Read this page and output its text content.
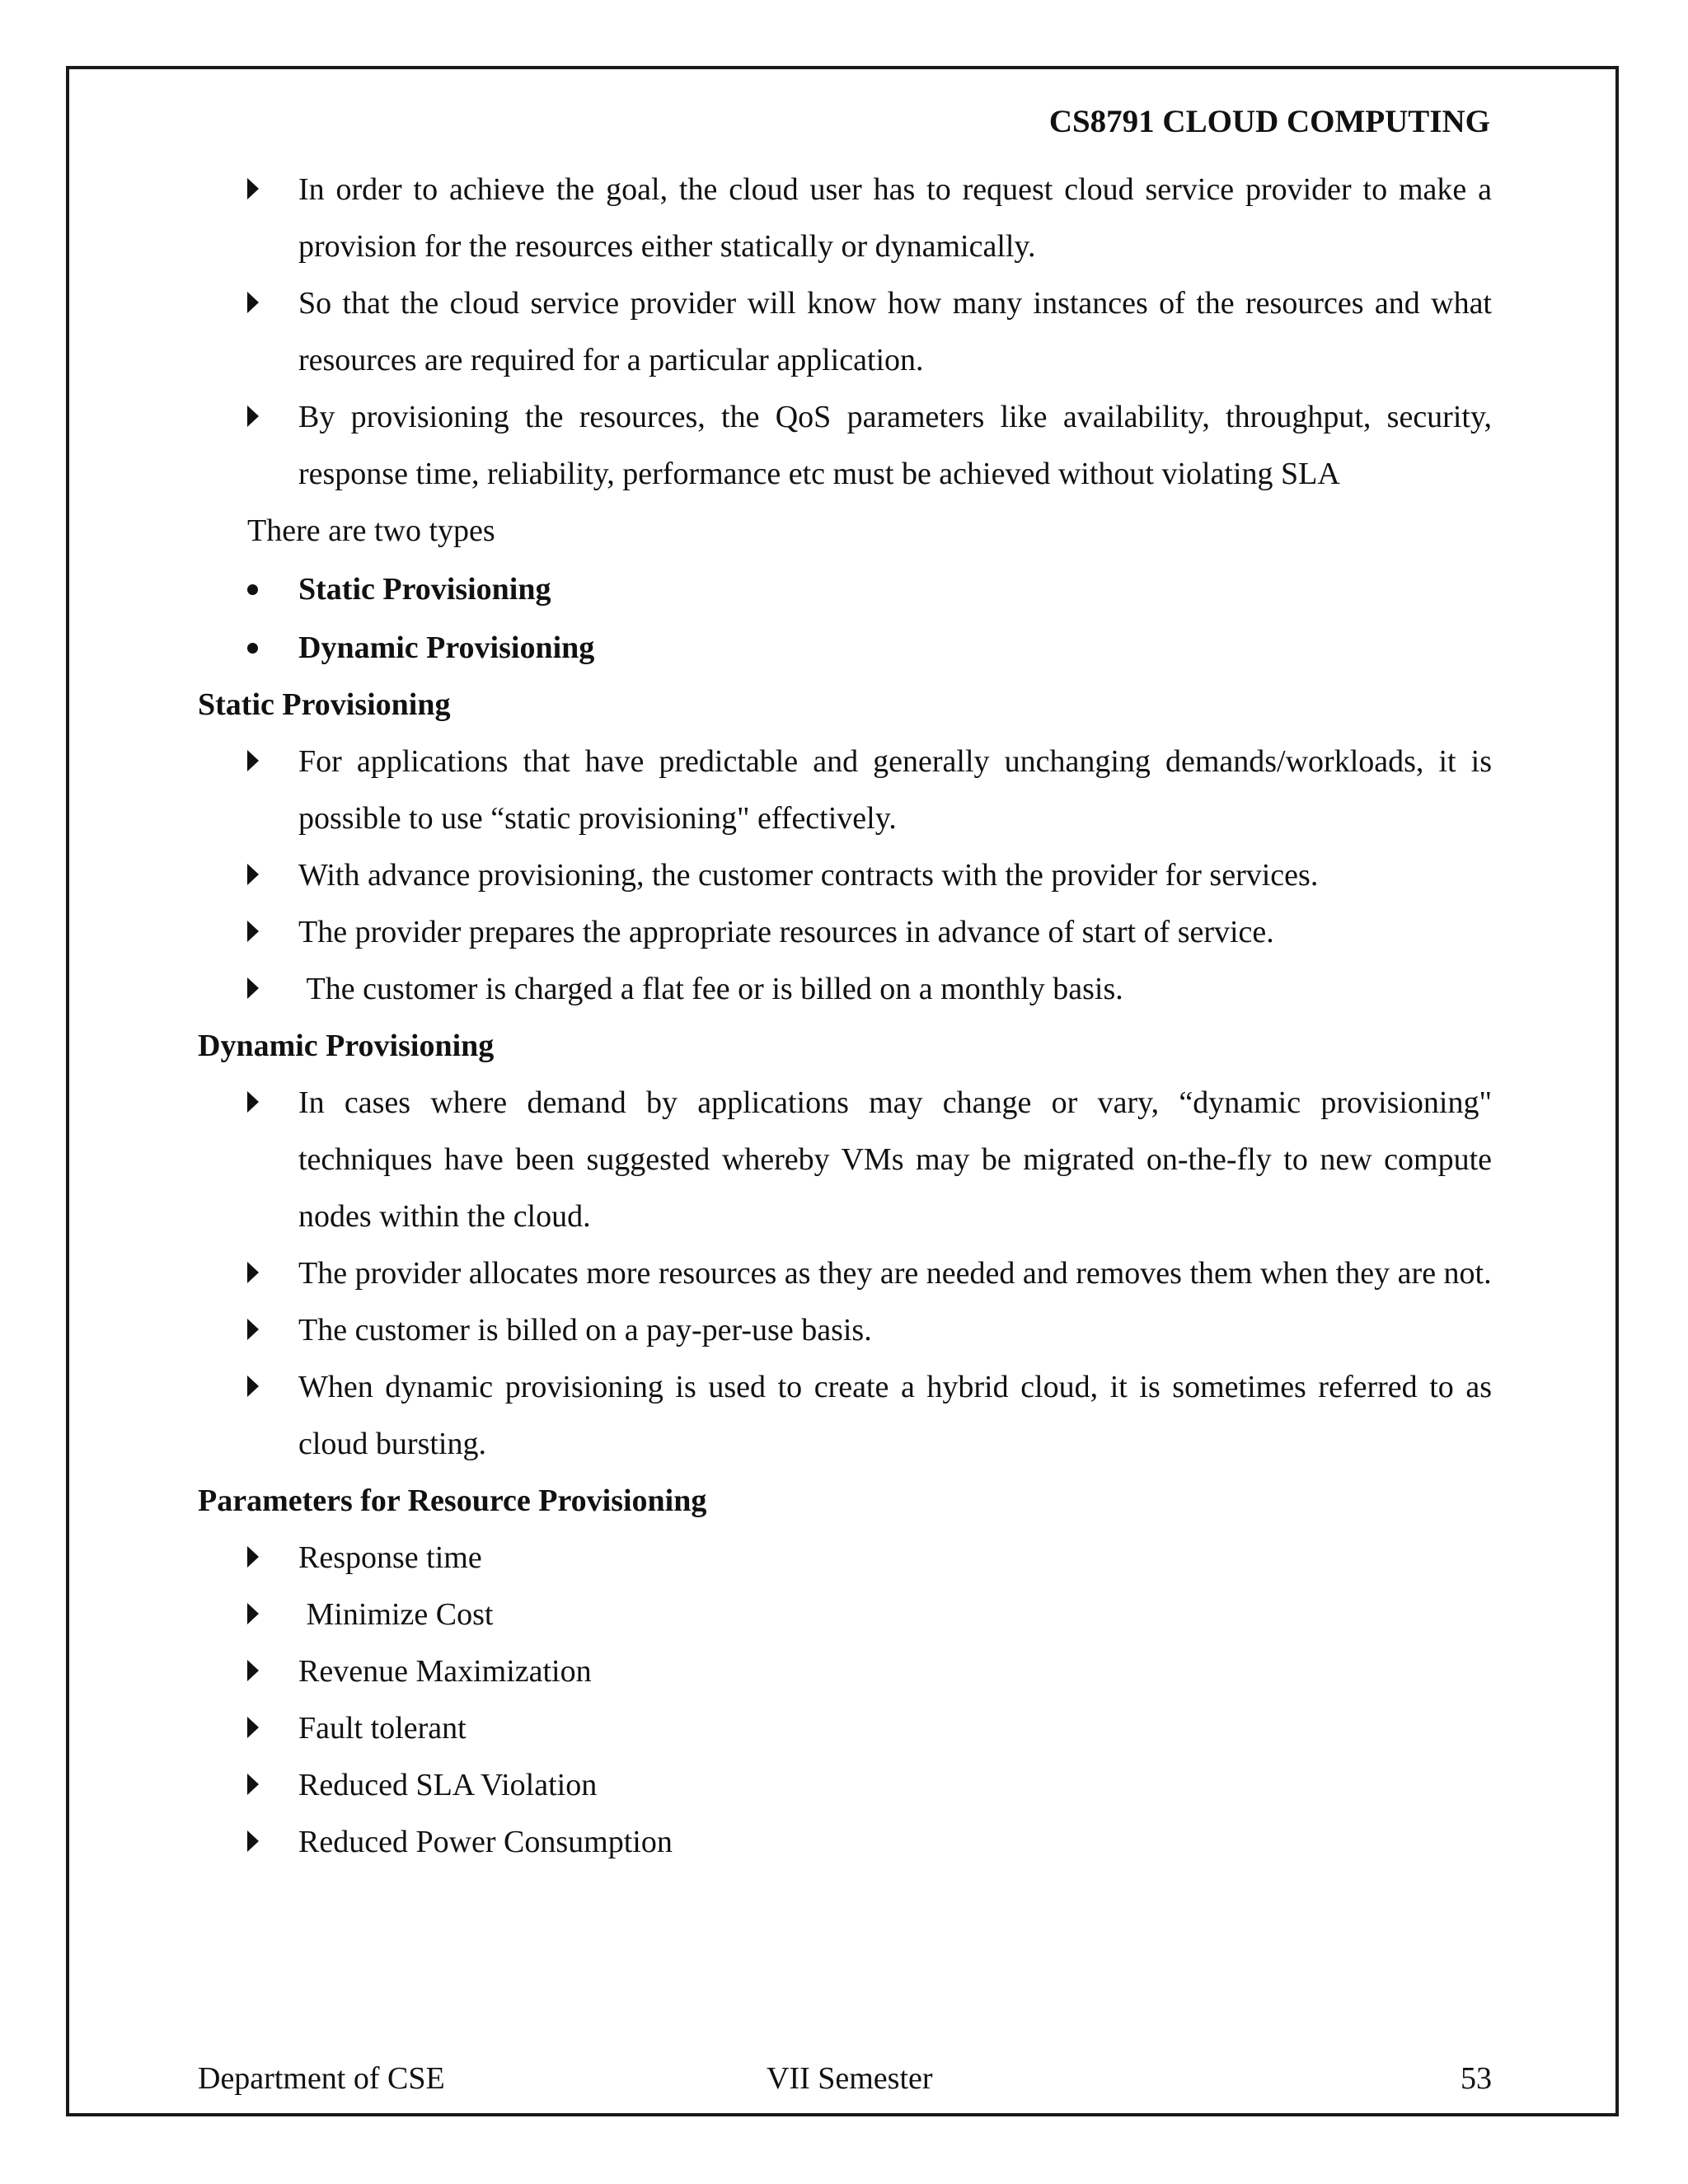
CS8791 CLOUD COMPUTING
In order to achieve the goal, the cloud user has to request cloud service provider to make a provision for the resources either statically or dynamically.
So that the cloud service provider will know how many instances of the resources and what resources are required for a particular application.
By provisioning the resources, the QoS parameters like availability, throughput, security, response time, reliability, performance etc must be achieved without violating SLA
There are two types
Static Provisioning
Dynamic Provisioning
Static Provisioning
For applications that have predictable and generally unchanging demands/workloads, it is possible to use “static provisioning" effectively.
With advance provisioning, the customer contracts with the provider for services.
The provider prepares the appropriate resources in advance of start of service.
The customer is charged a flat fee or is billed on a monthly basis.
Dynamic Provisioning
In cases where demand by applications may change or vary, “dynamic provisioning" techniques have been suggested whereby VMs may be migrated on-the-fly to new compute nodes within the cloud.
The provider allocates more resources as they are needed and removes them when they are not.
The customer is billed on a pay-per-use basis.
When dynamic provisioning is used to create a hybrid cloud, it is sometimes referred to as cloud bursting.
Parameters for Resource Provisioning
Response time
Minimize Cost
Revenue Maximization
Fault tolerant
Reduced SLA Violation
Reduced Power Consumption
Department of CSE	VII Semester	53
